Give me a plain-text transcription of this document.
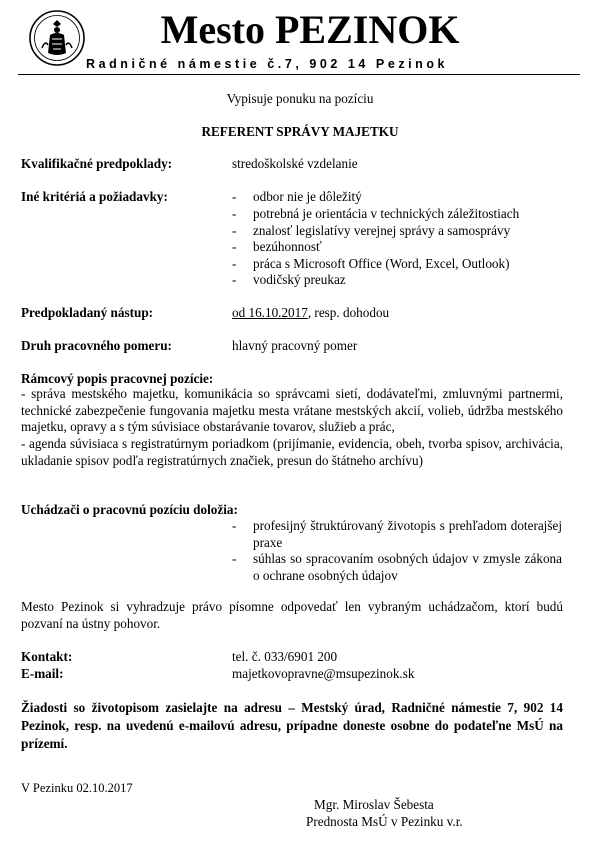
Mesto PEZINOK
Radničné námestie č.7, 902 14 Pezinok
Vypisuje ponuku na pozíciu
REFERENT SPRÁVY MAJETKU
Kvalifikačné predpoklady:	stredoškolské vzdelanie
Iné kritériá a požiadavky:	- odbor nie je dôležitý
- potrebná je orientácia v technických záležitostiach
- znalosť legislatívy verejnej správy a samosprávy
- bezúhonnosť
- práca s Microsoft Office (Word, Excel, Outlook)
- vodičský preukaz
Predpokladaný nástup:	od 16.10.2017, resp. dohodou
Druh pracovného pomeru:	hlavný pracovný pomer
Rámcový popis pracovnej pozície:
- správa mestského majetku, komunikácia so správcami sietí, dodávateľmi, zmluvnými partnermi, technické zabezpečenie fungovania majetku mesta vrátane mestských akcií, volieb, údržba mestského majetku, opravy a s tým súvisiace obstarávanie tovarov, služieb a prác,
- agenda súvisiaca s registratúrnym poriadkom (prijímanie, evidencia, obeh, tvorba spisov, archivácia, ukladanie spisov podľa registratúrnych značiek, presun do štátneho archívu)
Uchádzači o pracovnú pozíciu doložia:
- profesijný štruktúrovaný životopis s prehľadom doterajšej praxe
- súhlas so spracovaním osobných údajov v zmysle zákona o ochrane osobných údajov
Mesto Pezinok si vyhradzuje právo písomne odpovedať len vybraným uchádzačom, ktorí budú pozvaní na ústny pohovor.
Kontakt:	tel. č. 033/6901 200
E-mail:	majetkovopravne@msupezinok.sk
Žiadosti so životopisom zasielajte na adresu – Mestský úrad, Radničné námestie 7, 902 14 Pezinok, resp. na uvedenú e-mailovú adresu, prípadne doneste osobne do podateľne MsÚ na prízemí.
V Pezinku 02.10.2017
Mgr. Miroslav Šebesta
Prednosta MsÚ v Pezinku v.r.
